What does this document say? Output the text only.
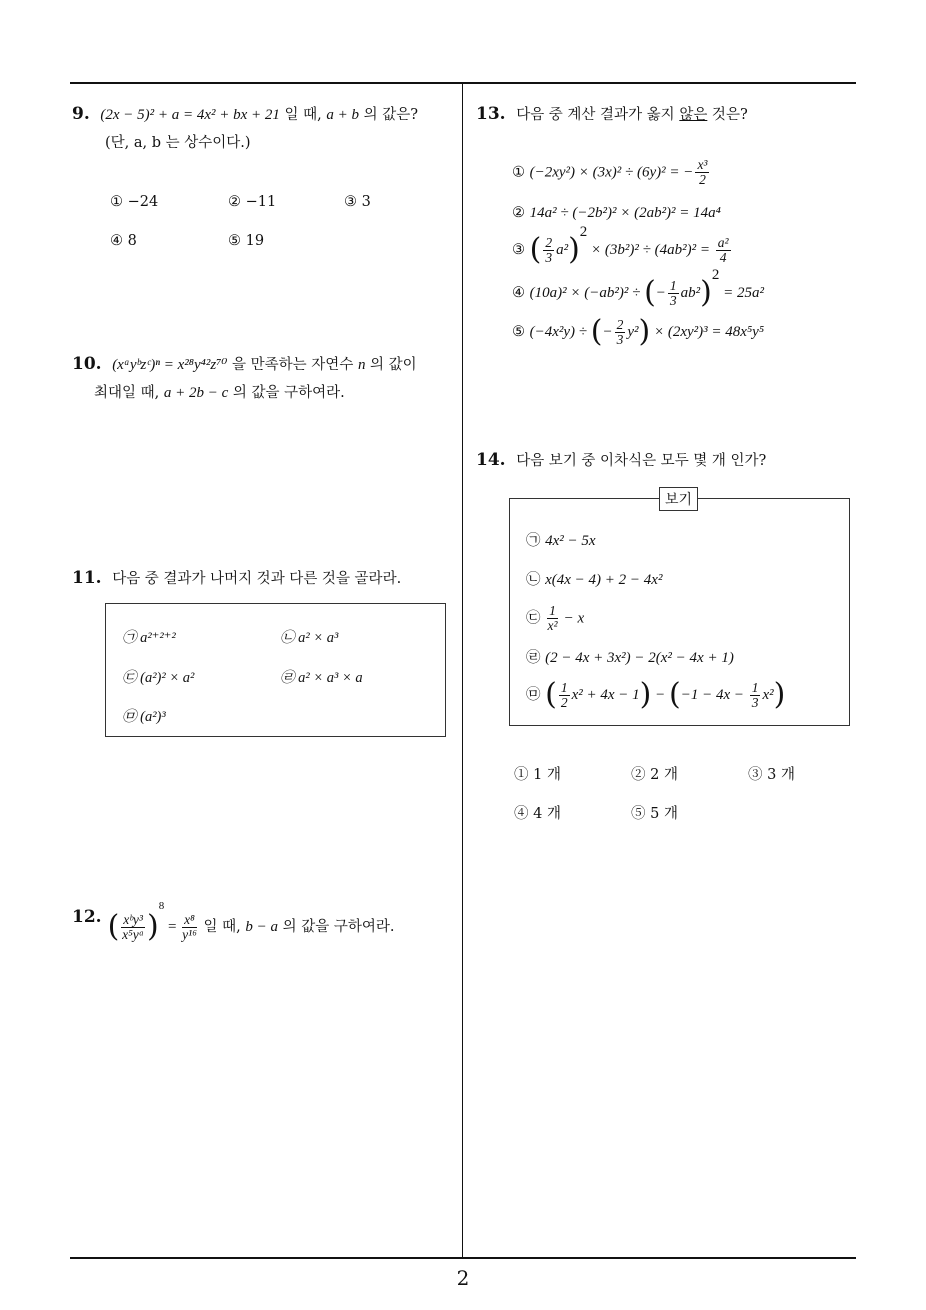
2
9. (2x − 5)² + a = 4x² + bx + 21 일 때, a + b 의 값은?
(단, a, b 는 상수이다.)
① −24	② −11	③ 3
④ 8	⑤ 19
10. (xᵃyᵇzᶜ)ⁿ = x²⁸y⁴²z⁷⁰ 을 만족하는 자연수 n 의 값이
최대일 때, a + 2b − c 의 값을 구하여라.
11. 다음 중 결과가 나머지 것과 다른 것을 골라라.
㉠ a²⁺²⁺²	㉡ a² × a³
㉢ (a²)² × a²	㉣ a² × a³ × a
㉤ (a²)³
12. ( $\frac{\text{xᵇy³}}{\text{x⁵yᵃ}} )^8 = \frac{\text{x⁸}}{\text{y¹⁶}}$ 일 때, b − a 의 값을 구하여라.
13. 다음 중 계산 결과가 옳지 않은 것은?
① (−2xy²) × (3x)² ÷ (6y)² = − $\frac{\text{x³}}{2}$
② 14a² ÷ (−2b²)² × (2ab²)² = 14a⁴
③ ( $\frac{2}{3} a^2)^2 \times (3b^2)^2 \div (4ab^2)^2 = \frac{\text{a²}}{4}$
④ (10a)² × (−ab²)² ÷ (− $\frac{1}{3} ab^2)^2 = 25a^2$
⑤ (−4x²y) ÷ (− $\frac{2}{3} y^2) \times (2xy^2)^3 = 48x^5y^5$
14. 다음 보기 중 이차식은 모두 몇 개 인가?
보기
㉠ 4x² − 5x
㉡ x(4x − 4) + 2 − 4x²
㉢ $\frac{1}{\text{x²}} - x$
㉣ (2 − 4x + 3x²) − 2(x² − 4x + 1)
㉤ ( $\frac{1}{2} x^2 + 4x - 1) - (-1 - 4x - \frac{1}{3} x^2)$
① 1 개	② 2 개	③ 3 개
④ 4 개	⑤ 5 개
